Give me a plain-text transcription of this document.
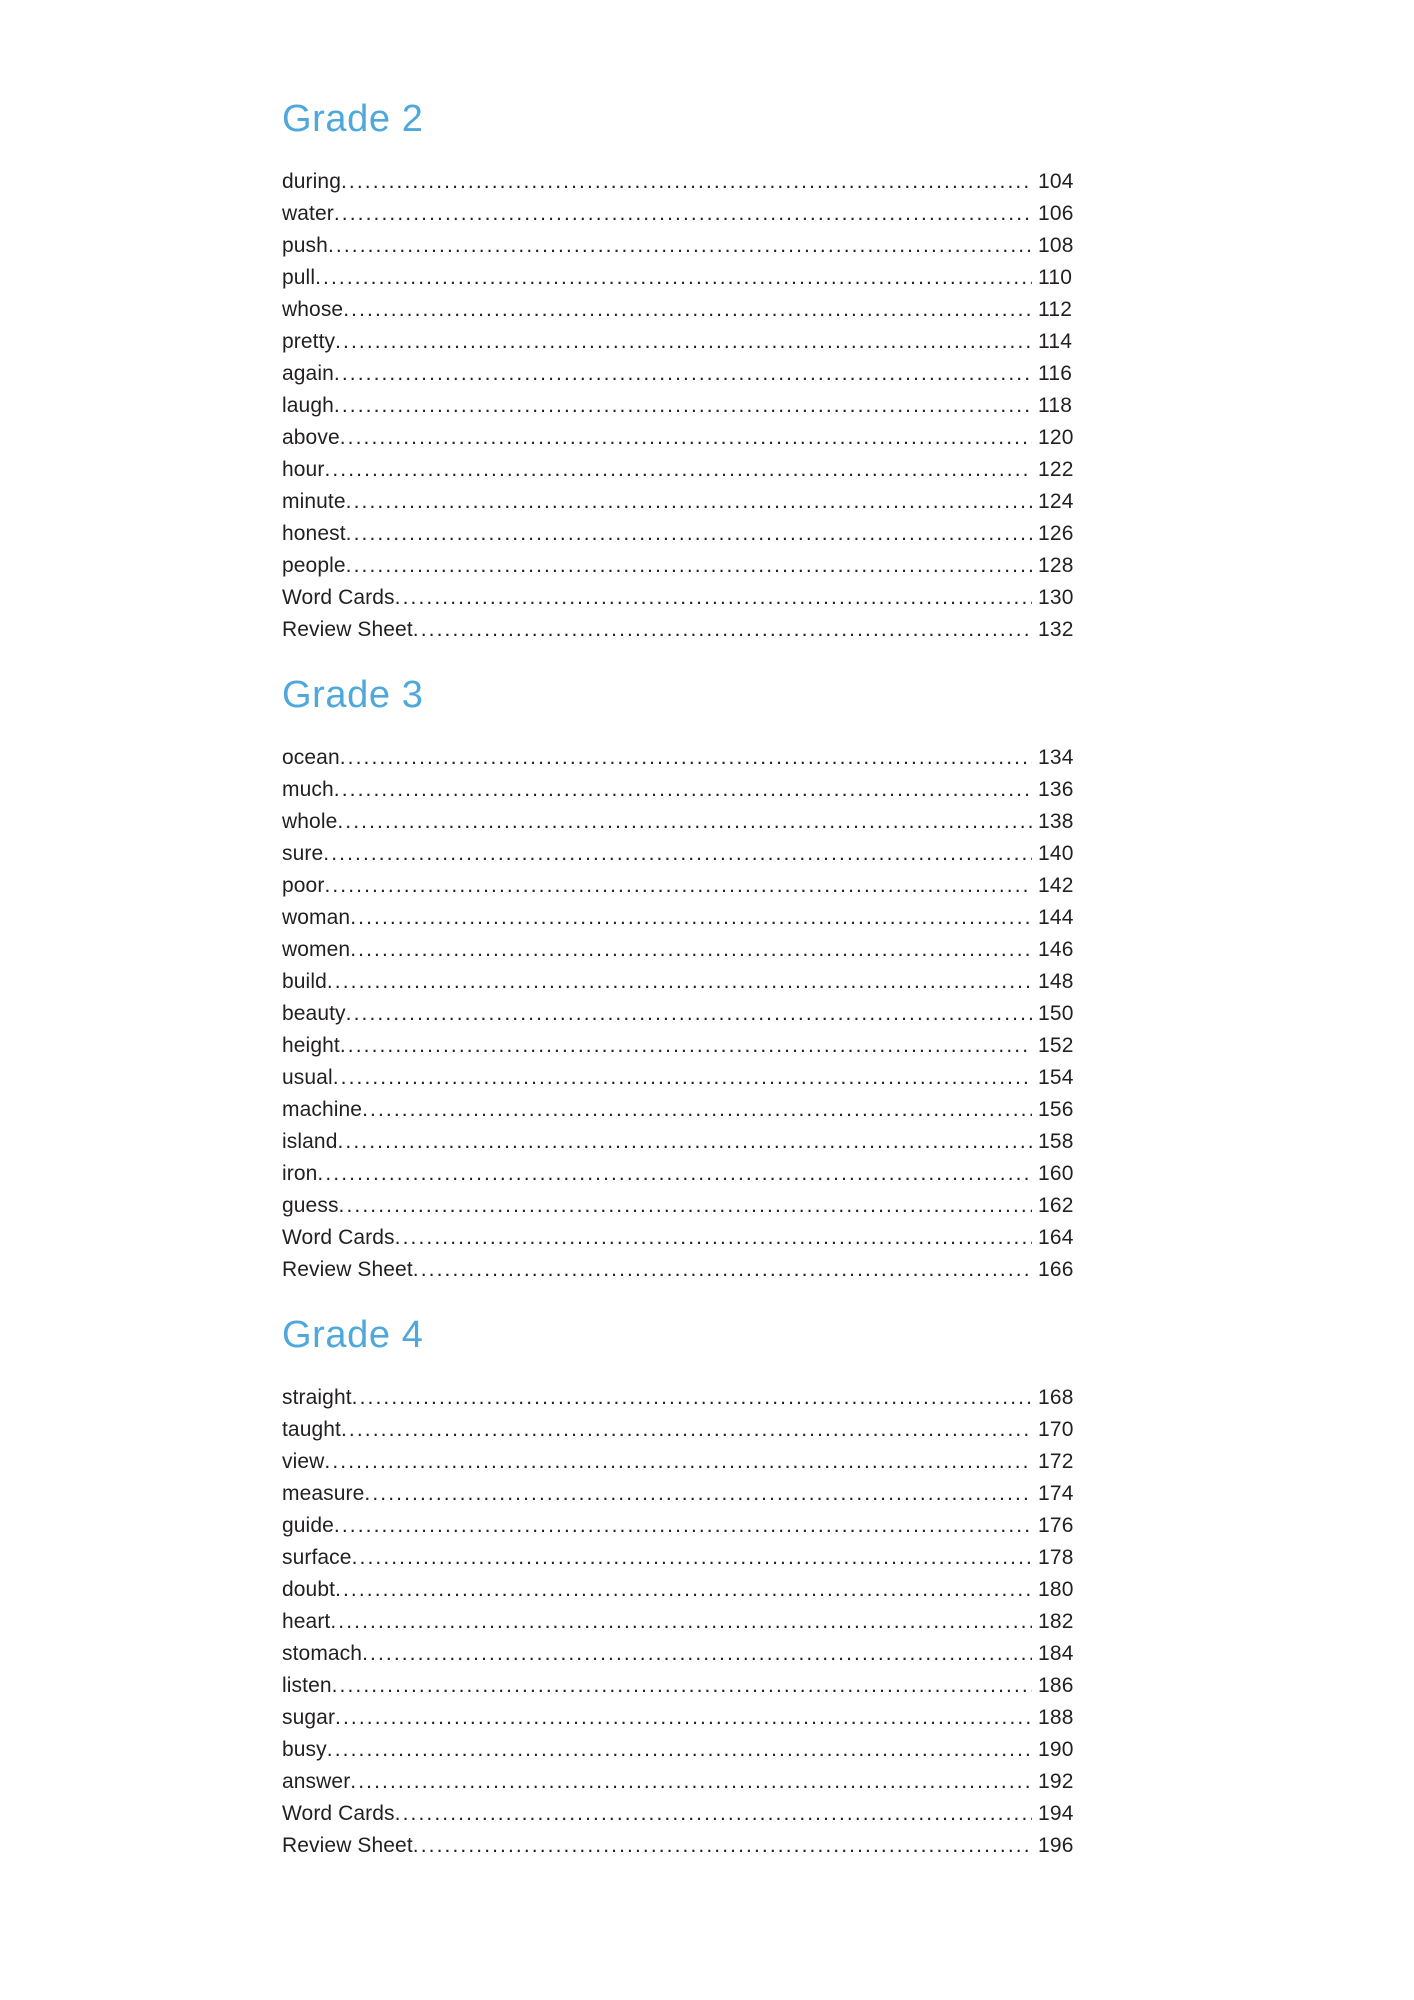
Grade 2
during .....	104
water .....	106
push .....	108
pull .....	110
whose .....	112
pretty .....	114
again .....	116
laugh .....	118
above .....	120
hour .....	122
minute .....	124
honest .....	126
people .....	128
Word Cards .....	130
Review Sheet .....	132
Grade 3
ocean .....	134
much .....	136
whole .....	138
sure .....	140
poor .....	142
woman .....	144
women .....	146
build .....	148
beauty .....	150
height .....	152
usual .....	154
machine .....	156
island .....	158
iron .....	160
guess .....	162
Word Cards .....	164
Review Sheet .....	166
Grade 4
straight .....	168
taught .....	170
view .....	172
measure .....	174
guide .....	176
surface .....	178
doubt .....	180
heart .....	182
stomach .....	184
listen .....	186
sugar .....	188
busy .....	190
answer .....	192
Word Cards .....	194
Review Sheet .....	196
